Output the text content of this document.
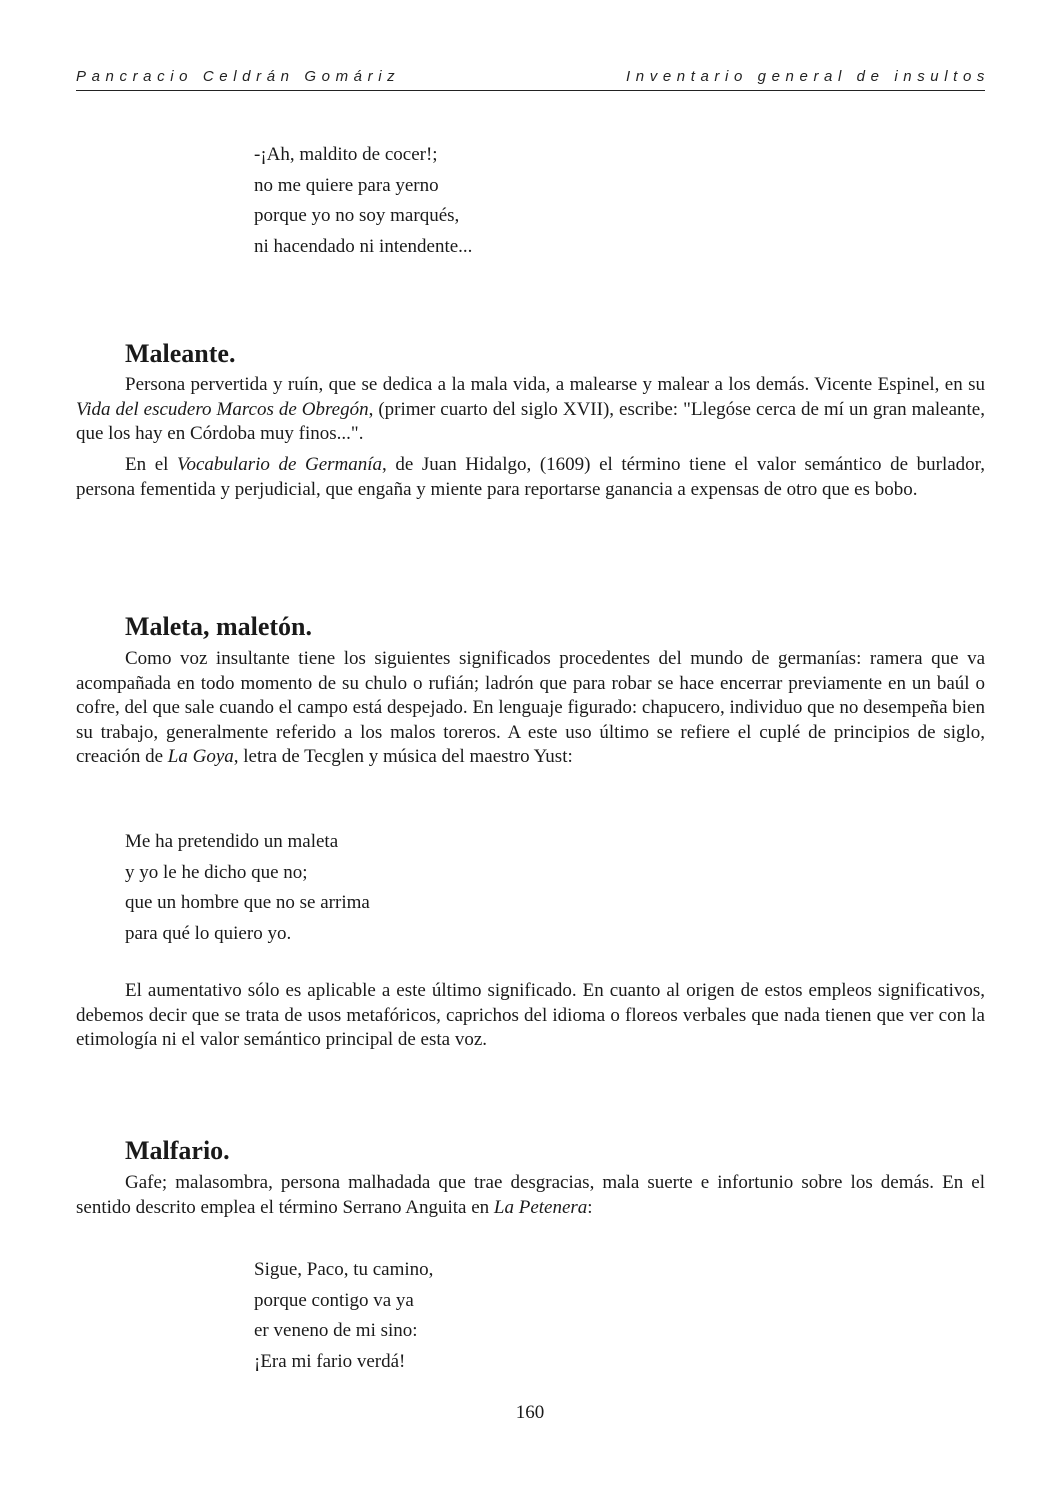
Pancracio Celdrán Gomáriz	Inventario general de insultos
-¡Ah, maldito de cocer!;
no me quiere para yerno
porque yo no soy marqués,
ni hacendado ni intendente...
Maleante.

Persona pervertida y ruín, que se dedica a la mala vida, a malearse y malear a los demás. Vicente Espinel, en su Vida del escudero Marcos de Obregón, (primer cuarto del siglo XVII), escribe: "Llegóse cerca de mí un gran maleante, que los hay en Córdoba muy finos...".

En el Vocabulario de Germanía, de Juan Hidalgo, (1609) el término tiene el valor semántico de burlador, persona fementida y perjudicial, que engaña y miente para reportarse ganancia a expensas de otro que es bobo.

Maleta, maletón.

Como voz insultante tiene los siguientes significados procedentes del mundo de germanías: ramera que va acompañada en todo momento de su chulo o rufián; ladrón que para robar se hace encerrar previamente en un baúl o cofre, del que sale cuando el campo está despejado. En lenguaje figurado: chapucero, individuo que no desempeña bien su trabajo, generalmente referido a los malos toreros. A este uso último se refiere el cuplé de principios de siglo, creación de La Goya, letra de Tecglen y música del maestro Yust:

Me ha pretendido un maleta
y yo le he dicho que no;
que un hombre que no se arrima
para qué lo quiero yo.

El aumentativo sólo es aplicable a este último significado. En cuanto al origen de estos empleos significativos, debemos decir que se trata de usos metafóricos, caprichos del idioma o floreos verbales que nada tienen que ver con la etimología ni el valor semántico principal de esta voz.

Malfario.

Gafe; malasombra, persona malhadada que trae desgracias, mala suerte e infortunio sobre los demás. En el sentido descrito emplea el término Serrano Anguita en La Petenera:

Sigue, Paco, tu camino,
porque contigo va ya
er veneno de mi sino:
¡Era mi fario verdá!
160
